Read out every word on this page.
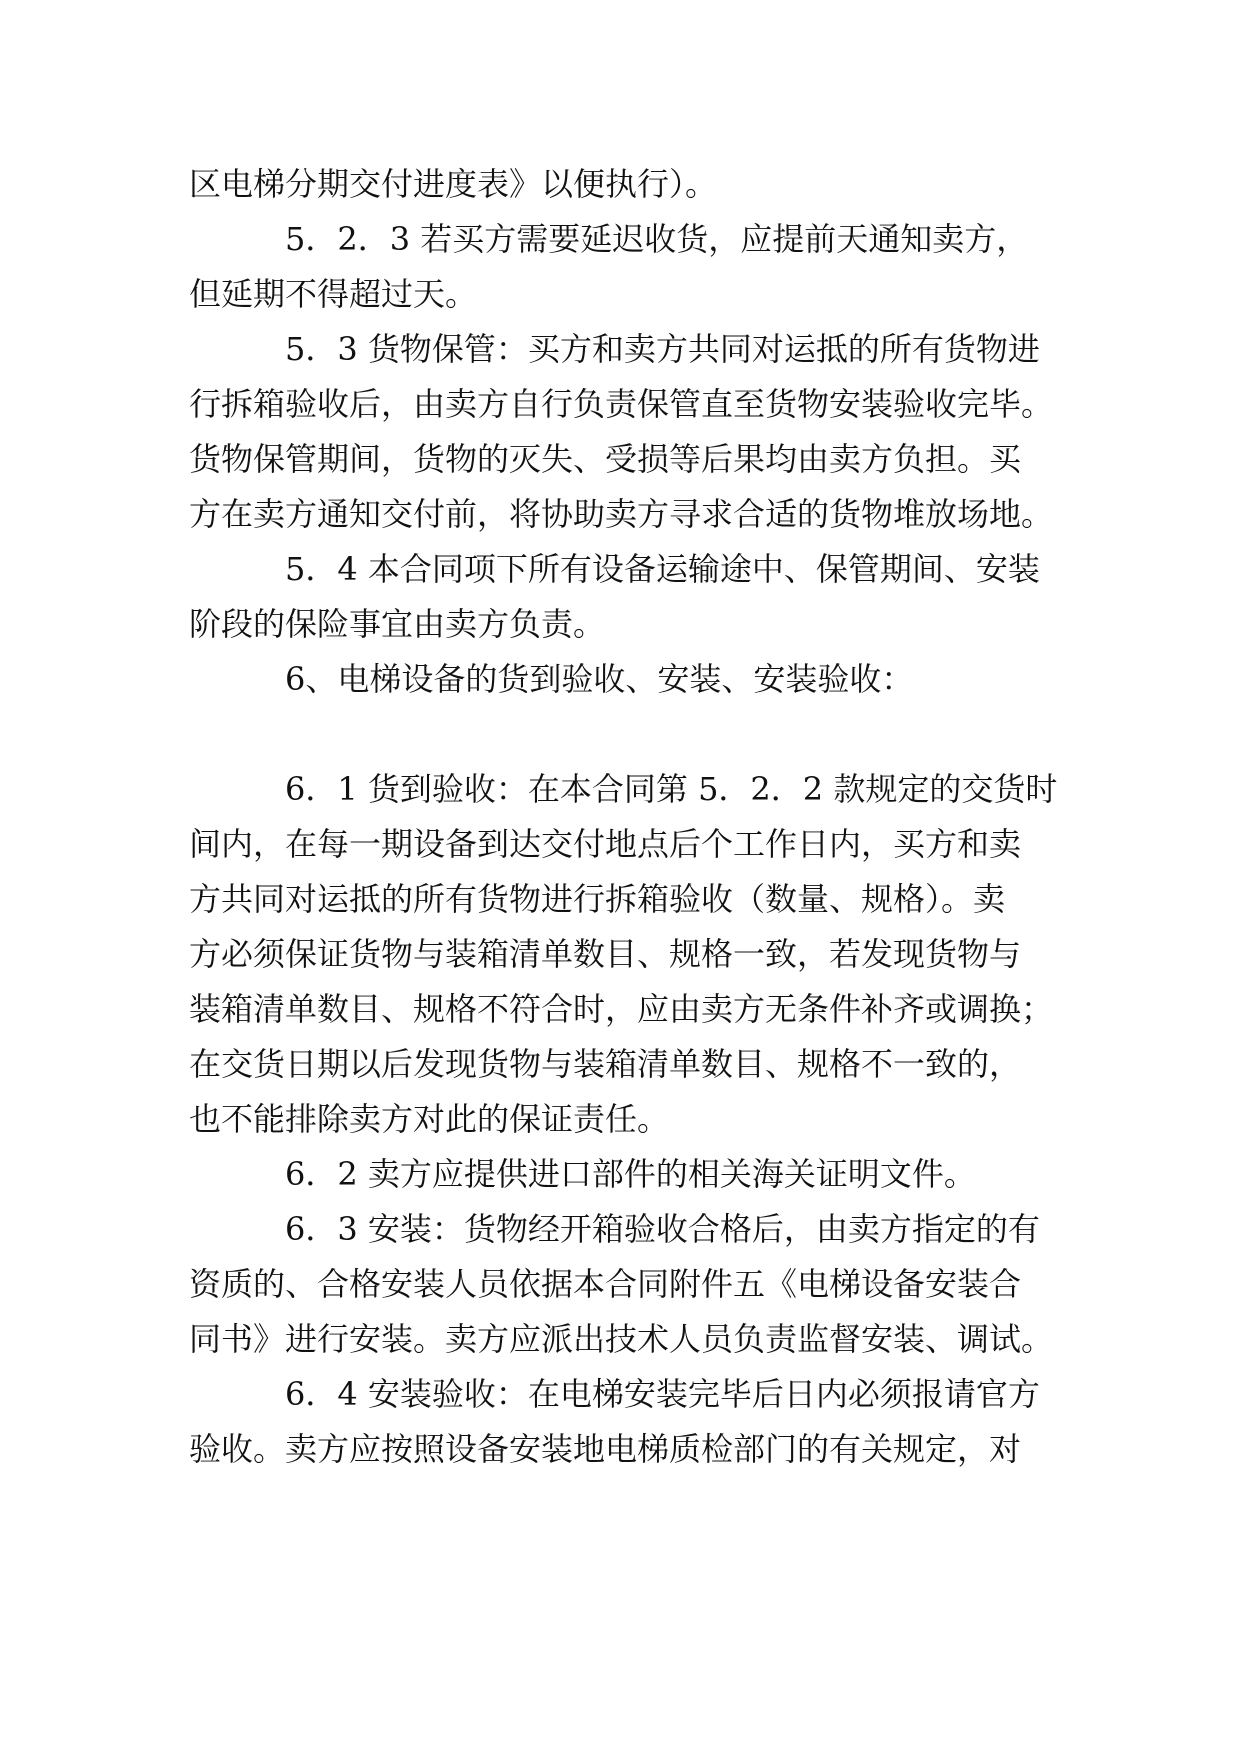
区电梯分期交付进度表》以便执行）。
5．2．3 若买方需要延迟收货，应提前天通知卖方，
但延期不得超过天。
5．3 货物保管：买方和卖方共同对运抵的所有货物进
行拆箱验收后，由卖方自行负责保管直至货物安装验收完毕。
货物保管期间，货物的灭失、受损等后果均由卖方负担。买
方在卖方通知交付前，将协助卖方寻求合适的货物堆放场地。
5．4 本合同项下所有设备运输途中、保管期间、安装
阶段的保险事宜由卖方负责。
6、电梯设备的货到验收、安装、安装验收：
6．1 货到验收：在本合同第 5．2．2 款规定的交货时
间内，在每一期设备到达交付地点后个工作日内，买方和卖
方共同对运抵的所有货物进行拆箱验收（数量、规格）。卖
方必须保证货物与装箱清单数目、规格一致，若发现货物与
装箱清单数目、规格不符合时，应由卖方无条件补齐或调换；
在交货日期以后发现货物与装箱清单数目、规格不一致的，
也不能排除卖方对此的保证责任。
6．2 卖方应提供进口部件的相关海关证明文件。
6．3 安装：货物经开箱验收合格后，由卖方指定的有
资质的、合格安装人员依据本合同附件五《电梯设备安装合
同书》进行安装。卖方应派出技术人员负责监督安装、调试。
6．4 安装验收：在电梯安装完毕后日内必须报请官方
验收。卖方应按照设备安装地电梯质检部门的有关规定，对
